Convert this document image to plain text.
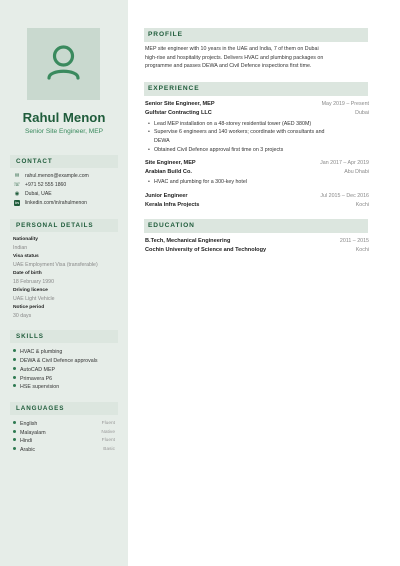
Rahul Menon
Senior Site Engineer, MEP
CONTACT
✉ rahul.menon@example.com
☏ +971 52 555 1860
◉ Dubai, UAE
in linkedin.com/in/rahulmenon
PERSONAL DETAILS
Nationality
Indian
Visa status
UAE Employment Visa (transferable)
Date of birth
18 February 1990
Driving licence
UAE Light Vehicle
Notice period
30 days
SKILLS
HVAC & plumbing
DEWA & Civil Defence approvals
AutoCAD MEP
Primavera P6
HSE supervision
LANGUAGES
English	Fluent
Malayalam	Native
Hindi	Fluent
Arabic	Basic
PROFILE
MEP site engineer with 10 years in the UAE and India, 7 of them on Dubai
high-rise and hospitality projects. Delivers HVAC and plumbing packages on
programme and passes DEWA and Civil Defence inspections first time.
EXPERIENCE
Senior Site Engineer, MEP	May 2019 – Present
Gulfstar Contracting LLC	Dubai
• Lead MEP installation on a 48-storey residential tower (AED 380M)
• Supervise 6 engineers and 140 workers; coordinate with consultants and
DEWA
• Obtained Civil Defence approval first time on 3 projects
Site Engineer, MEP	Jan 2017 – Apr 2019
Arabian Build Co.	Abu Dhabi
• HVAC and plumbing for a 300-key hotel
Junior Engineer	Jul 2015 – Dec 2016
Kerala Infra Projects	Kochi
EDUCATION
B.Tech, Mechanical Engineering	2011 – 2015
Cochin University of Science and Technology	Kochi
